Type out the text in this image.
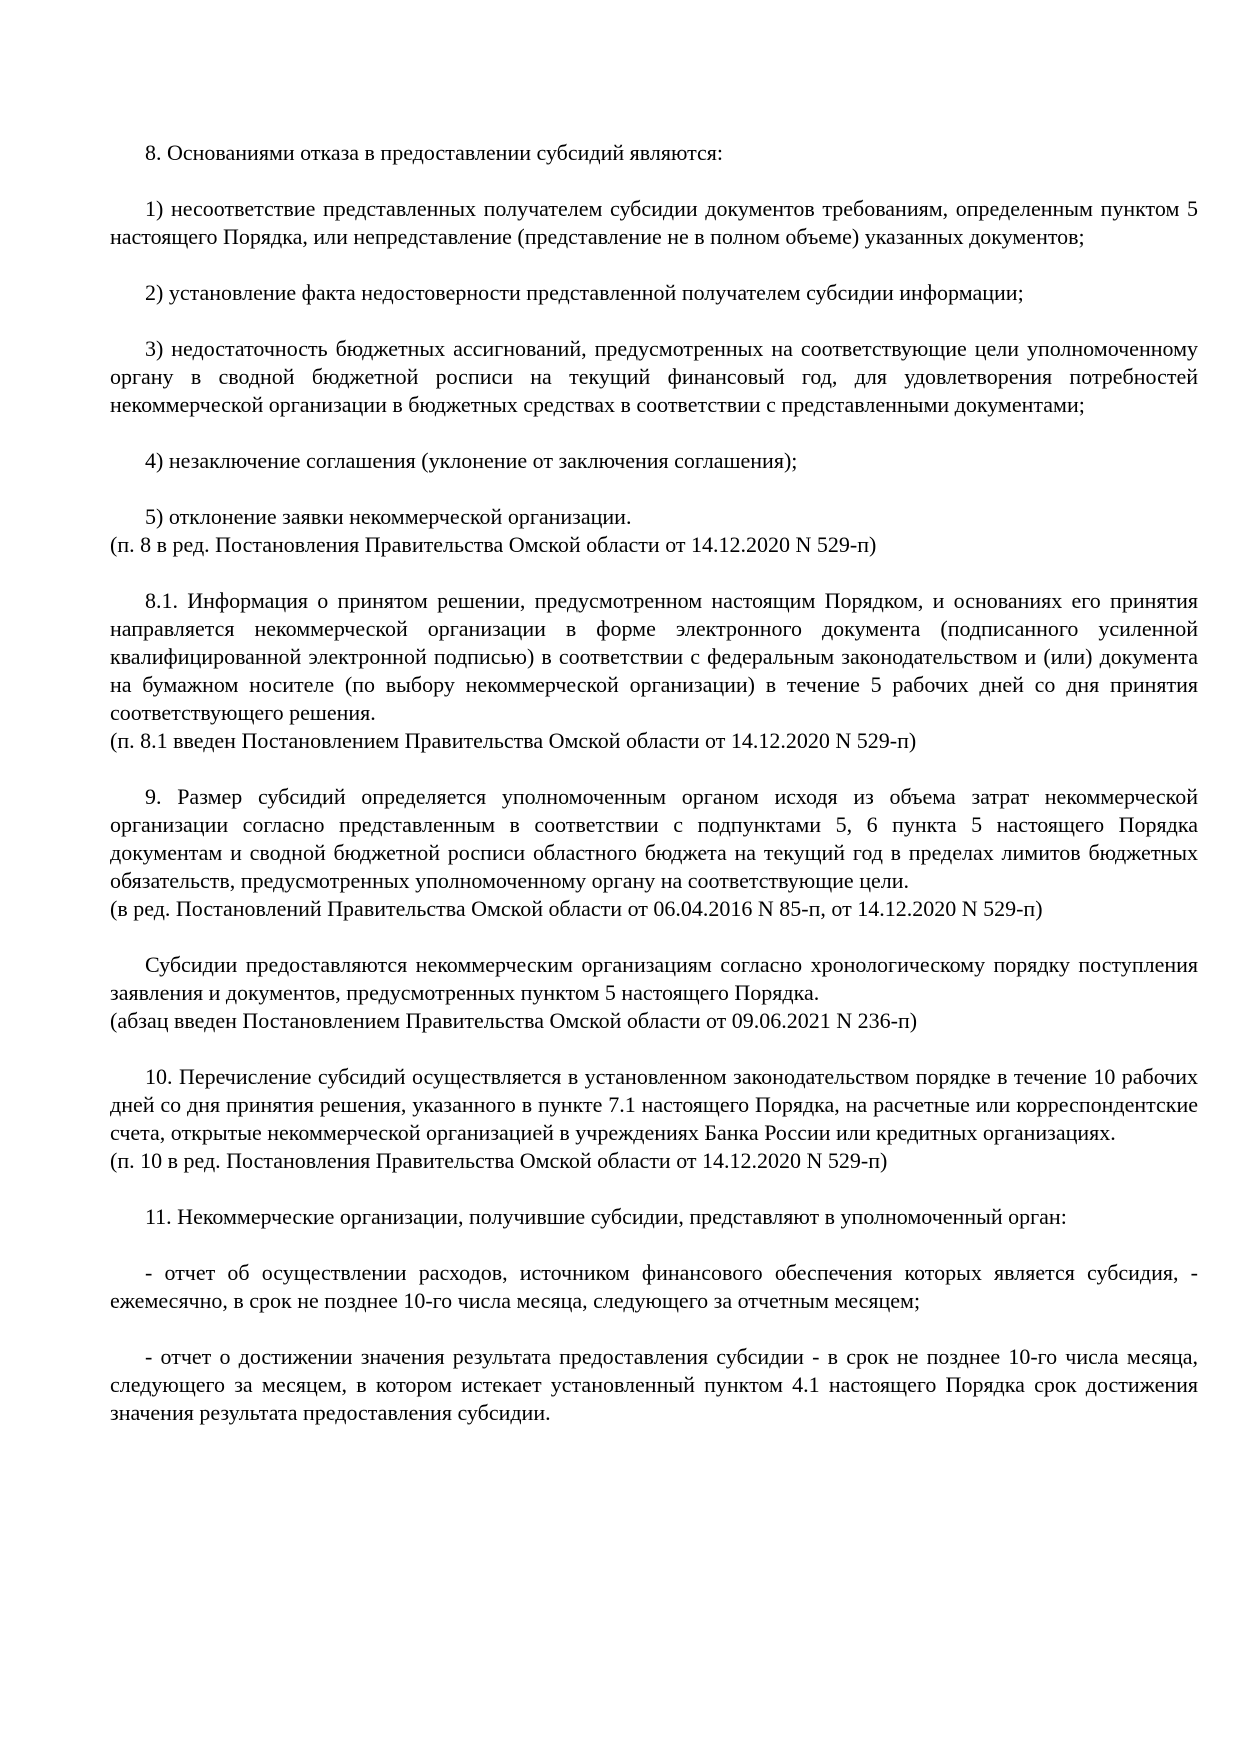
8. Основаниями отказа в предоставлении субсидий являются:

1) несоответствие представленных получателем субсидии документов требованиям, определенным пунктом 5 настоящего Порядка, или непредставление (представление не в полном объеме) указанных документов;

2) установление факта недостоверности представленной получателем субсидии информации;

3) недостаточность бюджетных ассигнований, предусмотренных на соответствующие цели уполномоченному органу в сводной бюджетной росписи на текущий финансовый год, для удовлетворения потребностей некоммерческой организации в бюджетных средствах в соответствии с представленными документами;

4) незаключение соглашения (уклонение от заключения соглашения);

5) отклонение заявки некоммерческой организации.

(п. 8 в ред. Постановления Правительства Омской области от 14.12.2020 N 529-п)

8.1. Информация о принятом решении, предусмотренном настоящим Порядком, и основаниях его принятия направляется некоммерческой организации в форме электронного документа (подписанного усиленной квалифицированной электронной подписью) в соответствии с федеральным законодательством и (или) документа на бумажном носителе (по выбору некоммерческой организации) в течение 5 рабочих дней со дня принятия соответствующего решения.

(п. 8.1 введен Постановлением Правительства Омской области от 14.12.2020 N 529-п)

9. Размер субсидий определяется уполномоченным органом исходя из объема затрат некоммерческой организации согласно представленным в соответствии с подпунктами 5, 6 пункта 5 настоящего Порядка документам и сводной бюджетной росписи областного бюджета на текущий год в пределах лимитов бюджетных обязательств, предусмотренных уполномоченному органу на соответствующие цели.

(в ред. Постановлений Правительства Омской области от 06.04.2016 N 85-п, от 14.12.2020 N 529-п)

Субсидии предоставляются некоммерческим организациям согласно хронологическому порядку поступления заявления и документов, предусмотренных пунктом 5 настоящего Порядка.

(абзац введен Постановлением Правительства Омской области от 09.06.2021 N 236-п)

10. Перечисление субсидий осуществляется в установленном законодательством порядке в течение 10 рабочих дней со дня принятия решения, указанного в пункте 7.1 настоящего Порядка, на расчетные или корреспондентские счета, открытые некоммерческой организацией в учреждениях Банка России или кредитных организациях.

(п. 10 в ред. Постановления Правительства Омской области от 14.12.2020 N 529-п)

11. Некоммерческие организации, получившие субсидии, представляют в уполномоченный орган:

- отчет об осуществлении расходов, источником финансового обеспечения которых является субсидия, - ежемесячно, в срок не позднее 10-го числа месяца, следующего за отчетным месяцем;

- отчет о достижении значения результата предоставления субсидии - в срок не позднее 10-го числа месяца, следующего за месяцем, в котором истекает установленный пунктом 4.1 настоящего Порядка срок достижения значения результата предоставления субсидии.
